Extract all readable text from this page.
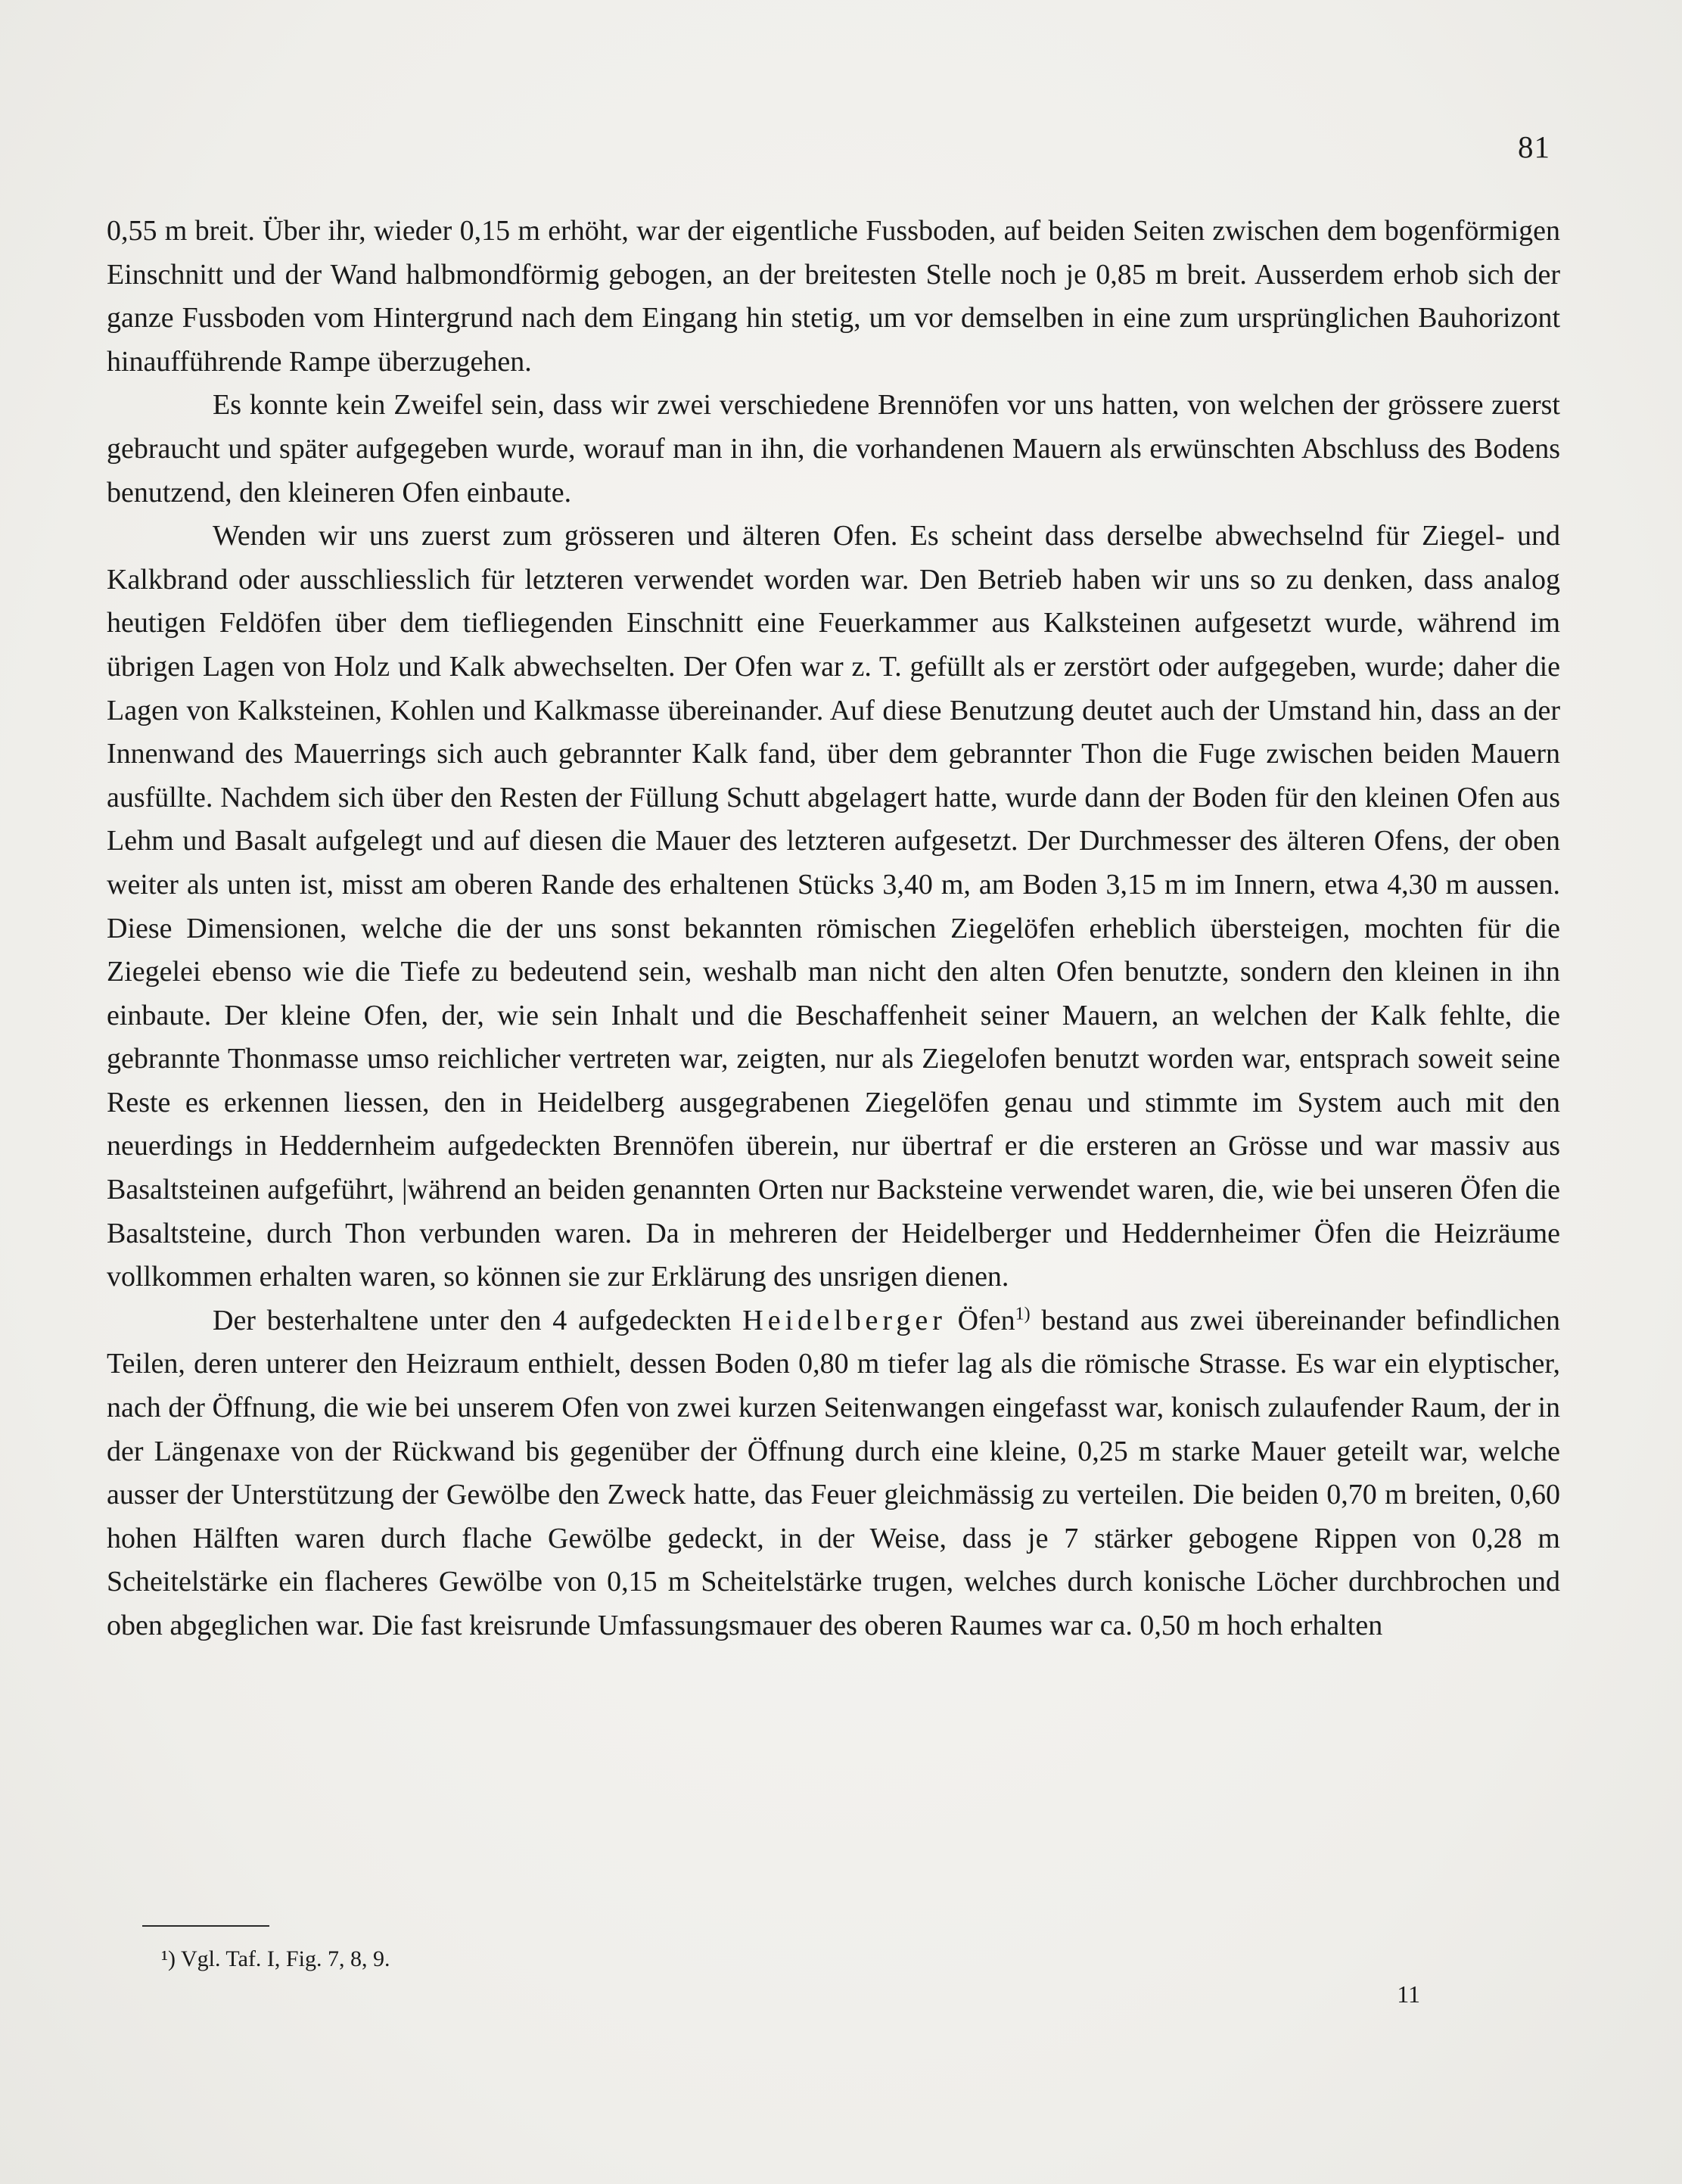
81

0,55 m breit. Über ihr, wieder 0,15 m erhöht, war der eigentliche Fussboden, auf beiden Seiten zwischen dem bogenförmigen Einschnitt und der Wand halbmondförmig gebogen, an der breitesten Stelle noch je 0,85 m breit. Ausserdem erhob sich der ganze Fussboden vom Hintergrund nach dem Eingang hin stetig, um vor demselben in eine zum ursprünglichen Bauhorizont hinaufführende Rampe überzugehen.

Es konnte kein Zweifel sein, dass wir zwei verschiedene Brennöfen vor uns hatten, von welchen der grössere zuerst gebraucht und später aufgegeben wurde, worauf man in ihn, die vorhandenen Mauern als erwünschten Abschluss des Bodens benutzend, den kleineren Ofen einbaute.

Wenden wir uns zuerst zum grösseren und älteren Ofen. Es scheint dass derselbe abwechselnd für Ziegel- und Kalkbrand oder ausschliesslich für letzteren verwendet worden war. Den Betrieb haben wir uns so zu denken, dass analog heutigen Feldöfen über dem tiefliegenden Einschnitt eine Feuerkammer aus Kalksteinen aufgesetzt wurde, während im übrigen Lagen von Holz und Kalk abwechselten. Der Ofen war z. T. gefüllt als er zerstört oder aufgegeben, wurde; daher die Lagen von Kalksteinen, Kohlen und Kalkmasse übereinander. Auf diese Benutzung deutet auch der Umstand hin, dass an der Innenwand des Mauerrings sich auch gebrannter Kalk fand, über dem gebrannter Thon die Fuge zwischen beiden Mauern ausfüllte. Nachdem sich über den Resten der Füllung Schutt abgelagert hatte, wurde dann der Boden für den kleinen Ofen aus Lehm und Basalt aufgelegt und auf diesen die Mauer des letzteren aufgesetzt. Der Durchmesser des älteren Ofens, der oben weiter als unten ist, misst am oberen Rande des erhaltenen Stücks 3,40 m, am Boden 3,15 m im Innern, etwa 4,30 m aussen. Diese Dimensionen, welche die der uns sonst bekannten römischen Ziegelöfen erheblich übersteigen, mochten für die Ziegelei ebenso wie die Tiefe zu bedeutend sein, weshalb man nicht den alten Ofen benutzte, sondern den kleinen in ihn einbaute. Der kleine Ofen, der, wie sein Inhalt und die Beschaffenheit seiner Mauern, an welchen der Kalk fehlte, die gebrannte Thonmasse umso reichlicher vertreten war, zeigten, nur als Ziegelofen benutzt worden war, entsprach soweit seine Reste es erkennen liessen, den in Heidelberg ausgegrabenen Ziegelöfen genau und stimmte im System auch mit den neuerdings in Heddernheim aufgedeckten Brennöfen überein, nur übertraf er die ersteren an Grösse und war massiv aus Basaltsteinen aufgeführt, |während an beiden genannten Orten nur Backsteine verwendet waren, die, wie bei unseren Öfen die Basaltsteine, durch Thon verbunden waren. Da in mehreren der Heidelberger und Heddernheimer Öfen die Heizräume vollkommen erhalten waren, so können sie zur Erklärung des unsrigen dienen.

Der besterhaltene unter den 4 aufgedeckten Heidelberger Öfen$^{1)}$ bestand aus zwei übereinander befindlichen Teilen, deren unterer den Heizraum enthielt, dessen Boden 0,80 m tiefer lag als die römische Strasse. Es war ein elyptischer, nach der Öffnung, die wie bei unserem Ofen von zwei kurzen Seitenwangen eingefasst war, konisch zulaufender Raum, der in der Längenaxe von der Rückwand bis gegenüber der Öffnung durch eine kleine, 0,25 m starke Mauer geteilt war, welche ausser der Unterstützung der Gewölbe den Zweck hatte, das Feuer gleichmässig zu verteilen. Die beiden 0,70 m breiten, 0,60 hohen Hälften waren durch flache Gewölbe gedeckt, in der Weise, dass je 7 stärker gebogene Rippen von 0,28 m Scheitelstärke ein flacheres Gewölbe von 0,15 m Scheitelstärke trugen, welches durch konische Löcher durchbrochen und oben abgeglichen war. Die fast kreisrunde Umfassungsmauer des oberen Raumes war ca. 0,50 m hoch erhalten

¹) Vgl. Taf. I, Fig. 7, 8, 9.

11
